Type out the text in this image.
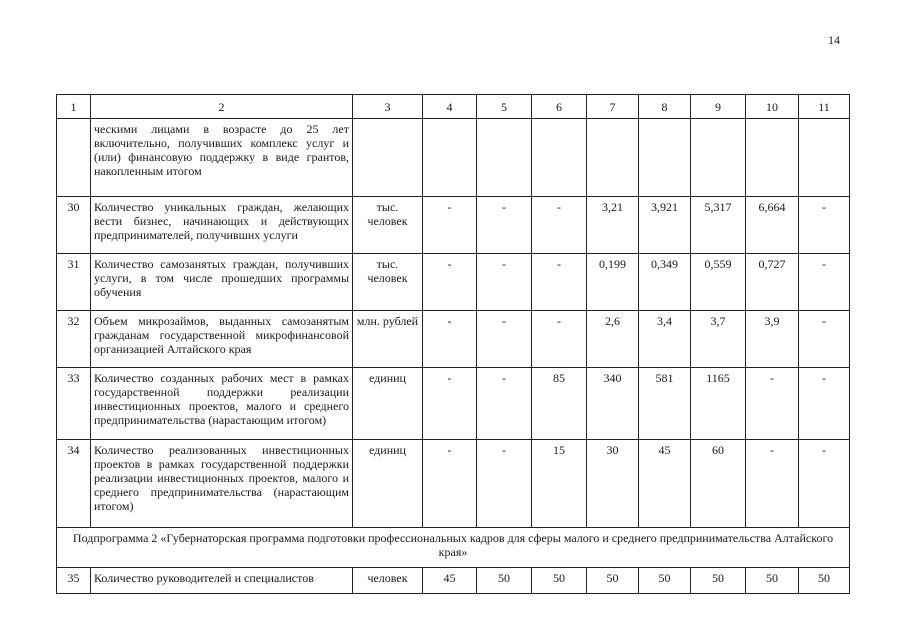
14
1	2	3	4	5	6	7	8	9	10	11
	ческими лицами в возрасте до 25 лет включительно, получивших комплекс услуг и (или) финансовую поддержку в виде грантов, накопленным итогом									
30	Количество уникальных граждан, желающих вести бизнес, начинающих и действующих предпринимателей, получивших услуги	тыс. человек	-	-	-	3,21	3,921	5,317	6,664	-
31	Количество самозанятых граждан, получивших услуги, в том числе прошедших программы обучения	тыс. человек	-	-	-	0,199	0,349	0,559	0,727	-
32	Объем микрозаймов, выданных самозанятым гражданам государственной микрофинансовой организацией Алтайского края	млн. рублей	-	-	-	2,6	3,4	3,7	3,9	-
33	Количество созданных рабочих мест в рамках государственной поддержки реализации инвестиционных проектов, малого и среднего предпринимательства (нарастающим итогом)	единиц	-	-	85	340	581	1165	-	-
34	Количество реализованных инвестиционных проектов в рамках государственной поддержки реализации инвестиционных проектов, малого и среднего предпринимательства (нарастающим итогом)	единиц	-	-	15	30	45	60	-	-
Подпрограмма 2 «Губернаторская программа подготовки профессиональных кадров для сферы малого и среднего предпринимательства Алтайского края»										
35	Количество руководителей и специалистов	человек	45	50	50	50	50	50	50	50
